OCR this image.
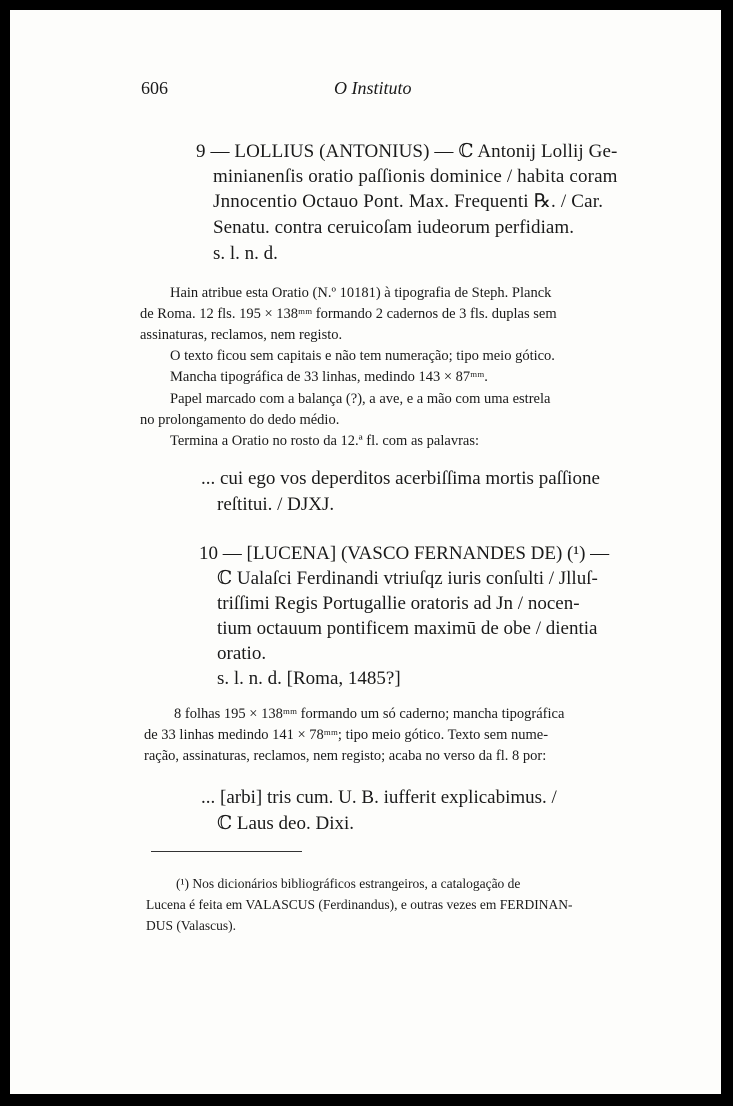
606	O Instituto
9 — LOLLIUS (ANTONIUS) — ℂ Antonij Lollij Ge-
minianenſis oratio paſſionis dominice / habita coram
Jnnocentio Octauo Pont. Max. Frequenti ℞. / Car.
Senatu. contra ceruicoſam iudeorum perfidiam.
s. l. n. d.
Hain atribue esta Oratio (N.º 10181) à tipografia de Steph. Planck
de Roma. 12 fls. 195 × 138ᵐᵐ formando 2 cadernos de 3 fls. duplas sem
assinaturas, reclamos, nem registo.
O texto ficou sem capitais e não tem numeração; tipo meio gótico.
Mancha tipográfica de 33 linhas, medindo 143 × 87ᵐᵐ.
Papel marcado com a balança (?), a ave, e a mão com uma estrela
no prolongamento do dedo médio.
Termina a Oratio no rosto da 12.ª fl. com as palavras:
... cui ego vos deperditos acerbiſſima mortis paſſione
reſtitui. / DJXJ.
10 — [LUCENA] (VASCO FERNANDES DE) (¹) —
ℂ Ualaſci Ferdinandi vtriuſqz iuris conſulti / Jlluſ-
triſſimi Regis Portugallie oratoris ad Jn / nocen-
tium octauum pontificem maximū de obe / dientia
oratio.
s. l. n. d. [Roma, 1485?]
8 folhas 195 × 138ᵐᵐ formando um só caderno; mancha tipográfica
de 33 linhas medindo 141 × 78ᵐᵐ; tipo meio gótico. Texto sem nume-
ração, assinaturas, reclamos, nem registo; acaba no verso da fl. 8 por:
... [arbi] tris cum. U. B. iufferit explicabimus. /
ℂ Laus deo. Dixi.
(¹) Nos dicionários bibliográficos estrangeiros, a catalogação de
Lucena é feita em VALASCUS (Ferdinandus), e outras vezes em FERDINAN-
DUS (Valascus).
